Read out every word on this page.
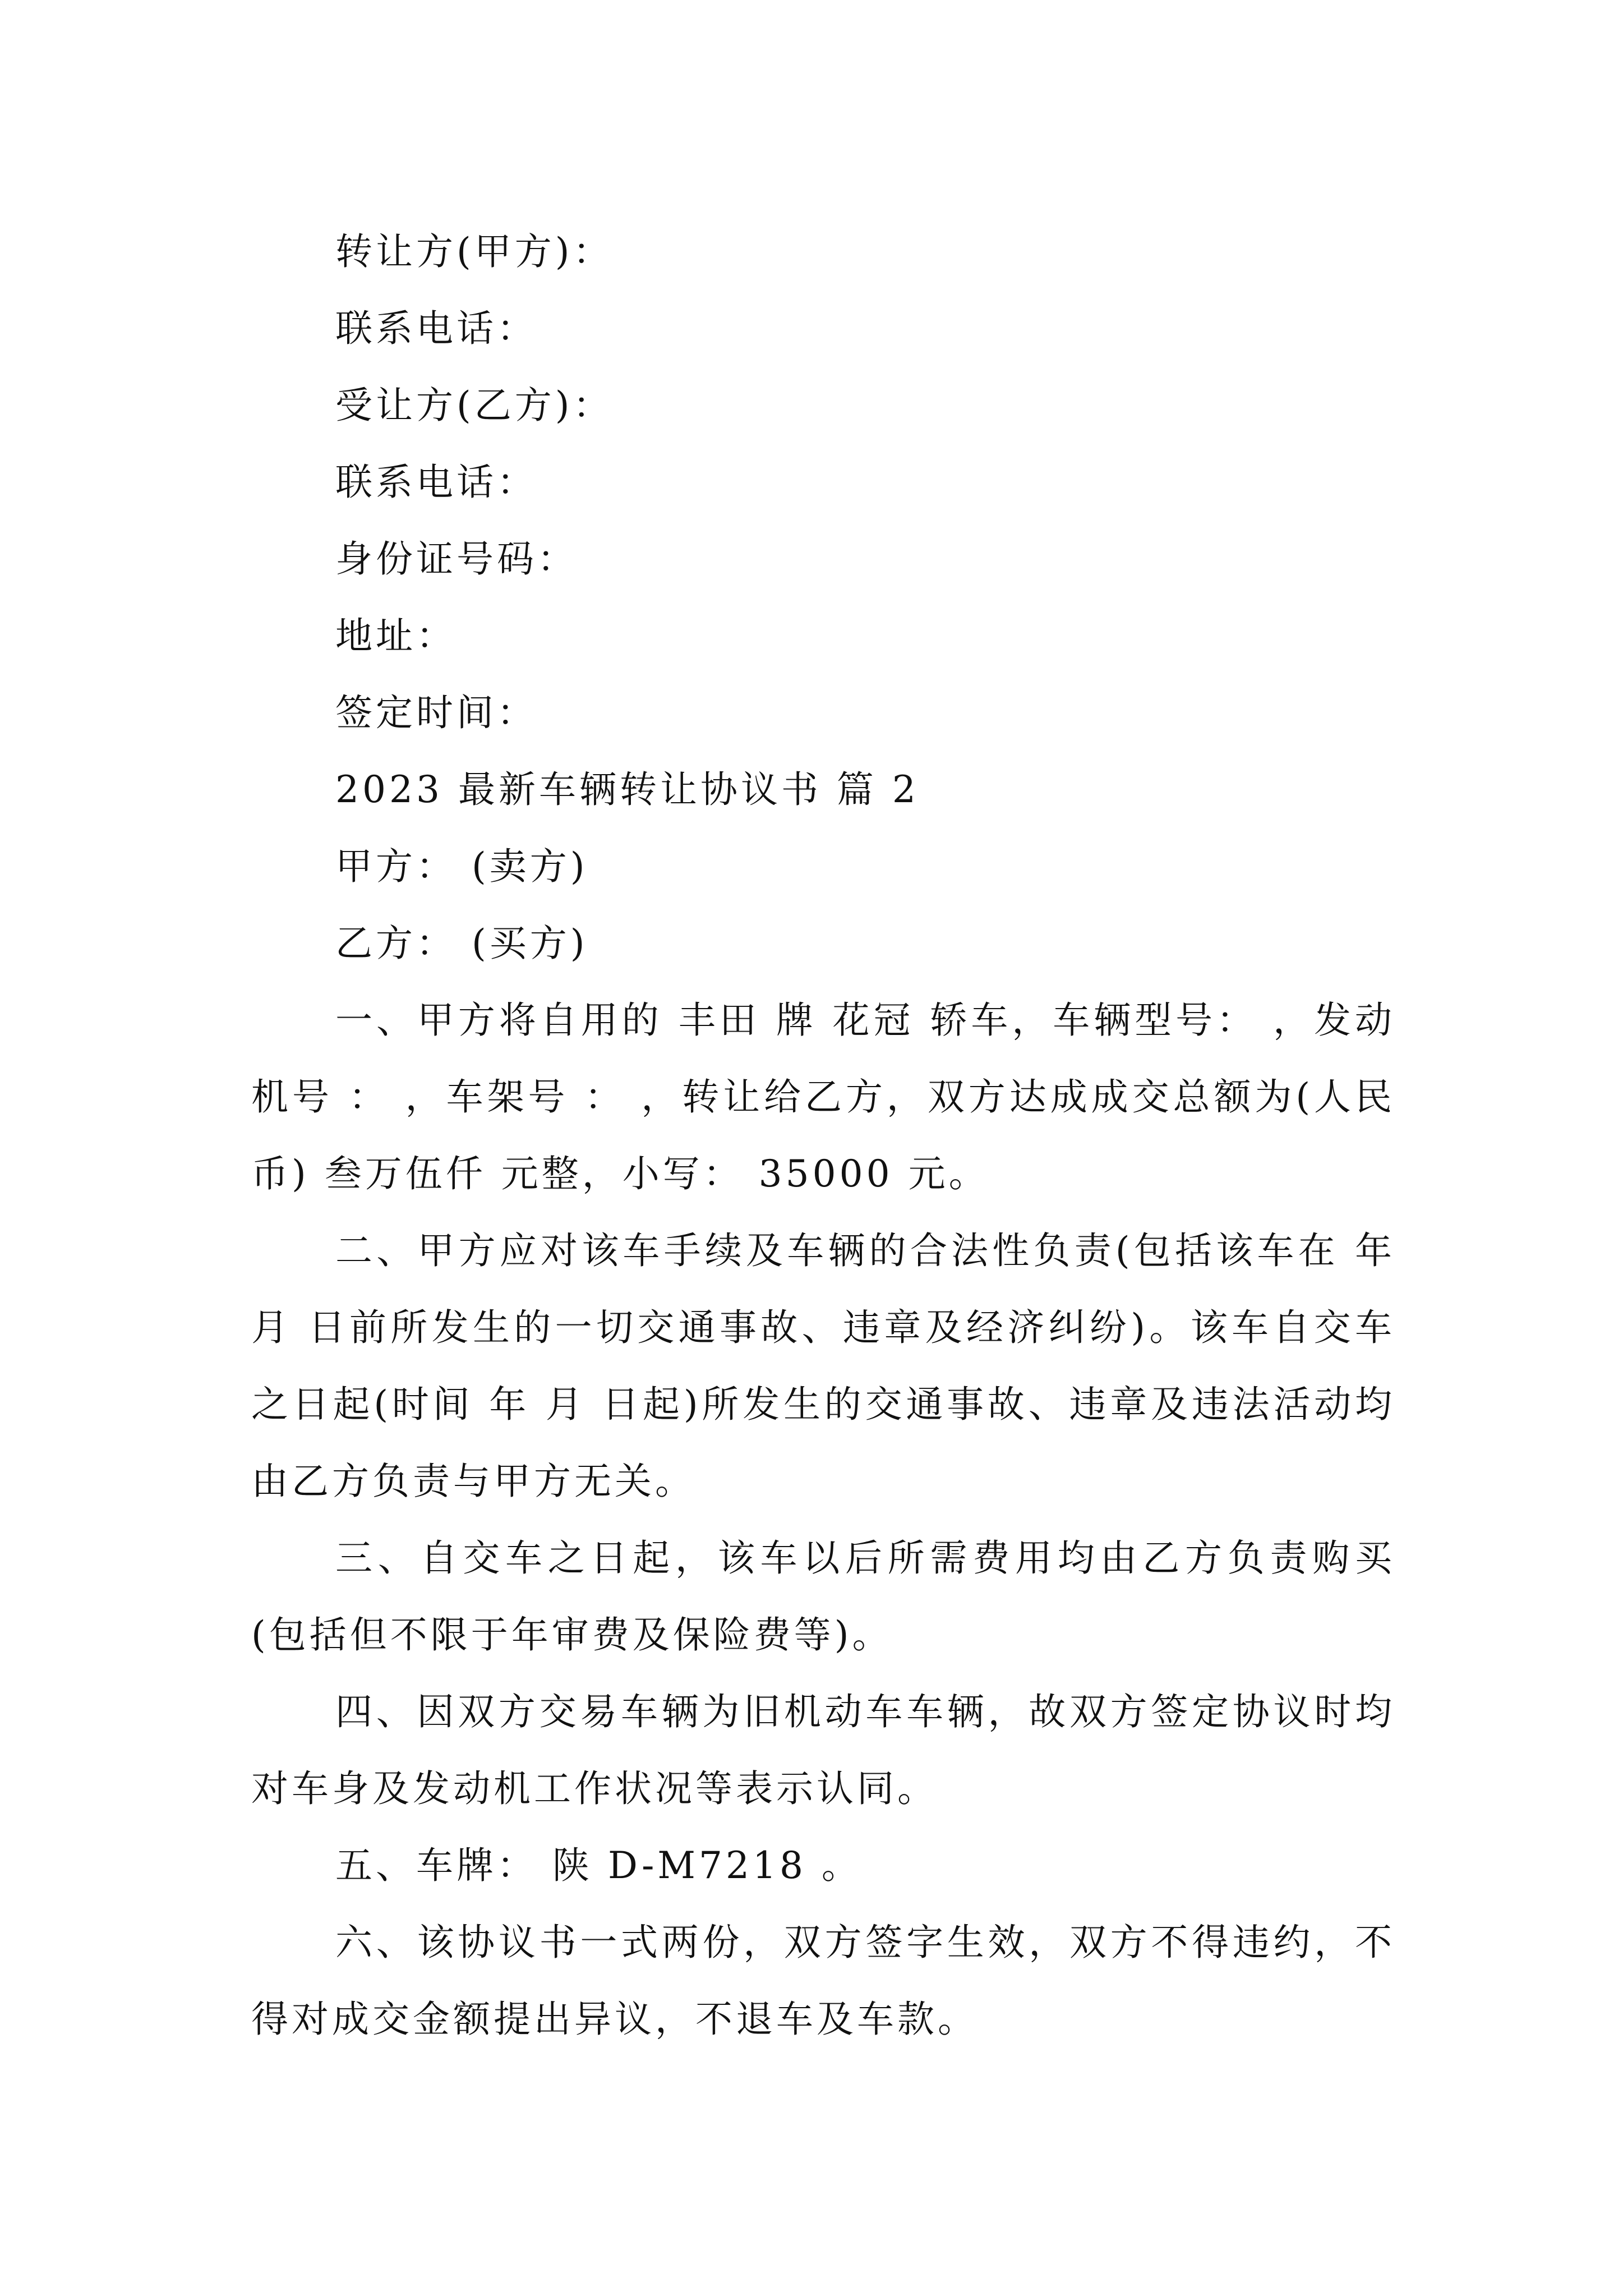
转让方(甲方)：
联系电话：
受让方(乙方)：
联系电话：
身份证号码：
地址：
签定时间：
2023 最新车辆转让协议书 篇 2
甲方： (卖方)
乙方： (买方)

一、甲方将自用的 丰田 牌 花冠 轿车，车辆型号： ，发动机号 ： ，车架号 ： ，转让给乙方，双方达成成交总额为(人民币) 叁万伍仟 元整，小写： 35000 元。

二、甲方应对该车手续及车辆的合法性负责(包括该车在 年 月 日前所发生的一切交通事故、违章及经济纠纷)。该车自交车之日起(时间 年 月 日起)所发生的交通事故、违章及违法活动均由乙方负责与甲方无关。

三、自交车之日起，该车以后所需费用均由乙方负责购买(包括但不限于年审费及保险费等)。

四、因双方交易车辆为旧机动车车辆，故双方签定协议时均对车身及发动机工作状况等表示认同。

五、车牌： 陕 D-M7218 。

六、该协议书一式两份，双方签字生效，双方不得违约，不得对成交金额提出异议，不退车及车款。
